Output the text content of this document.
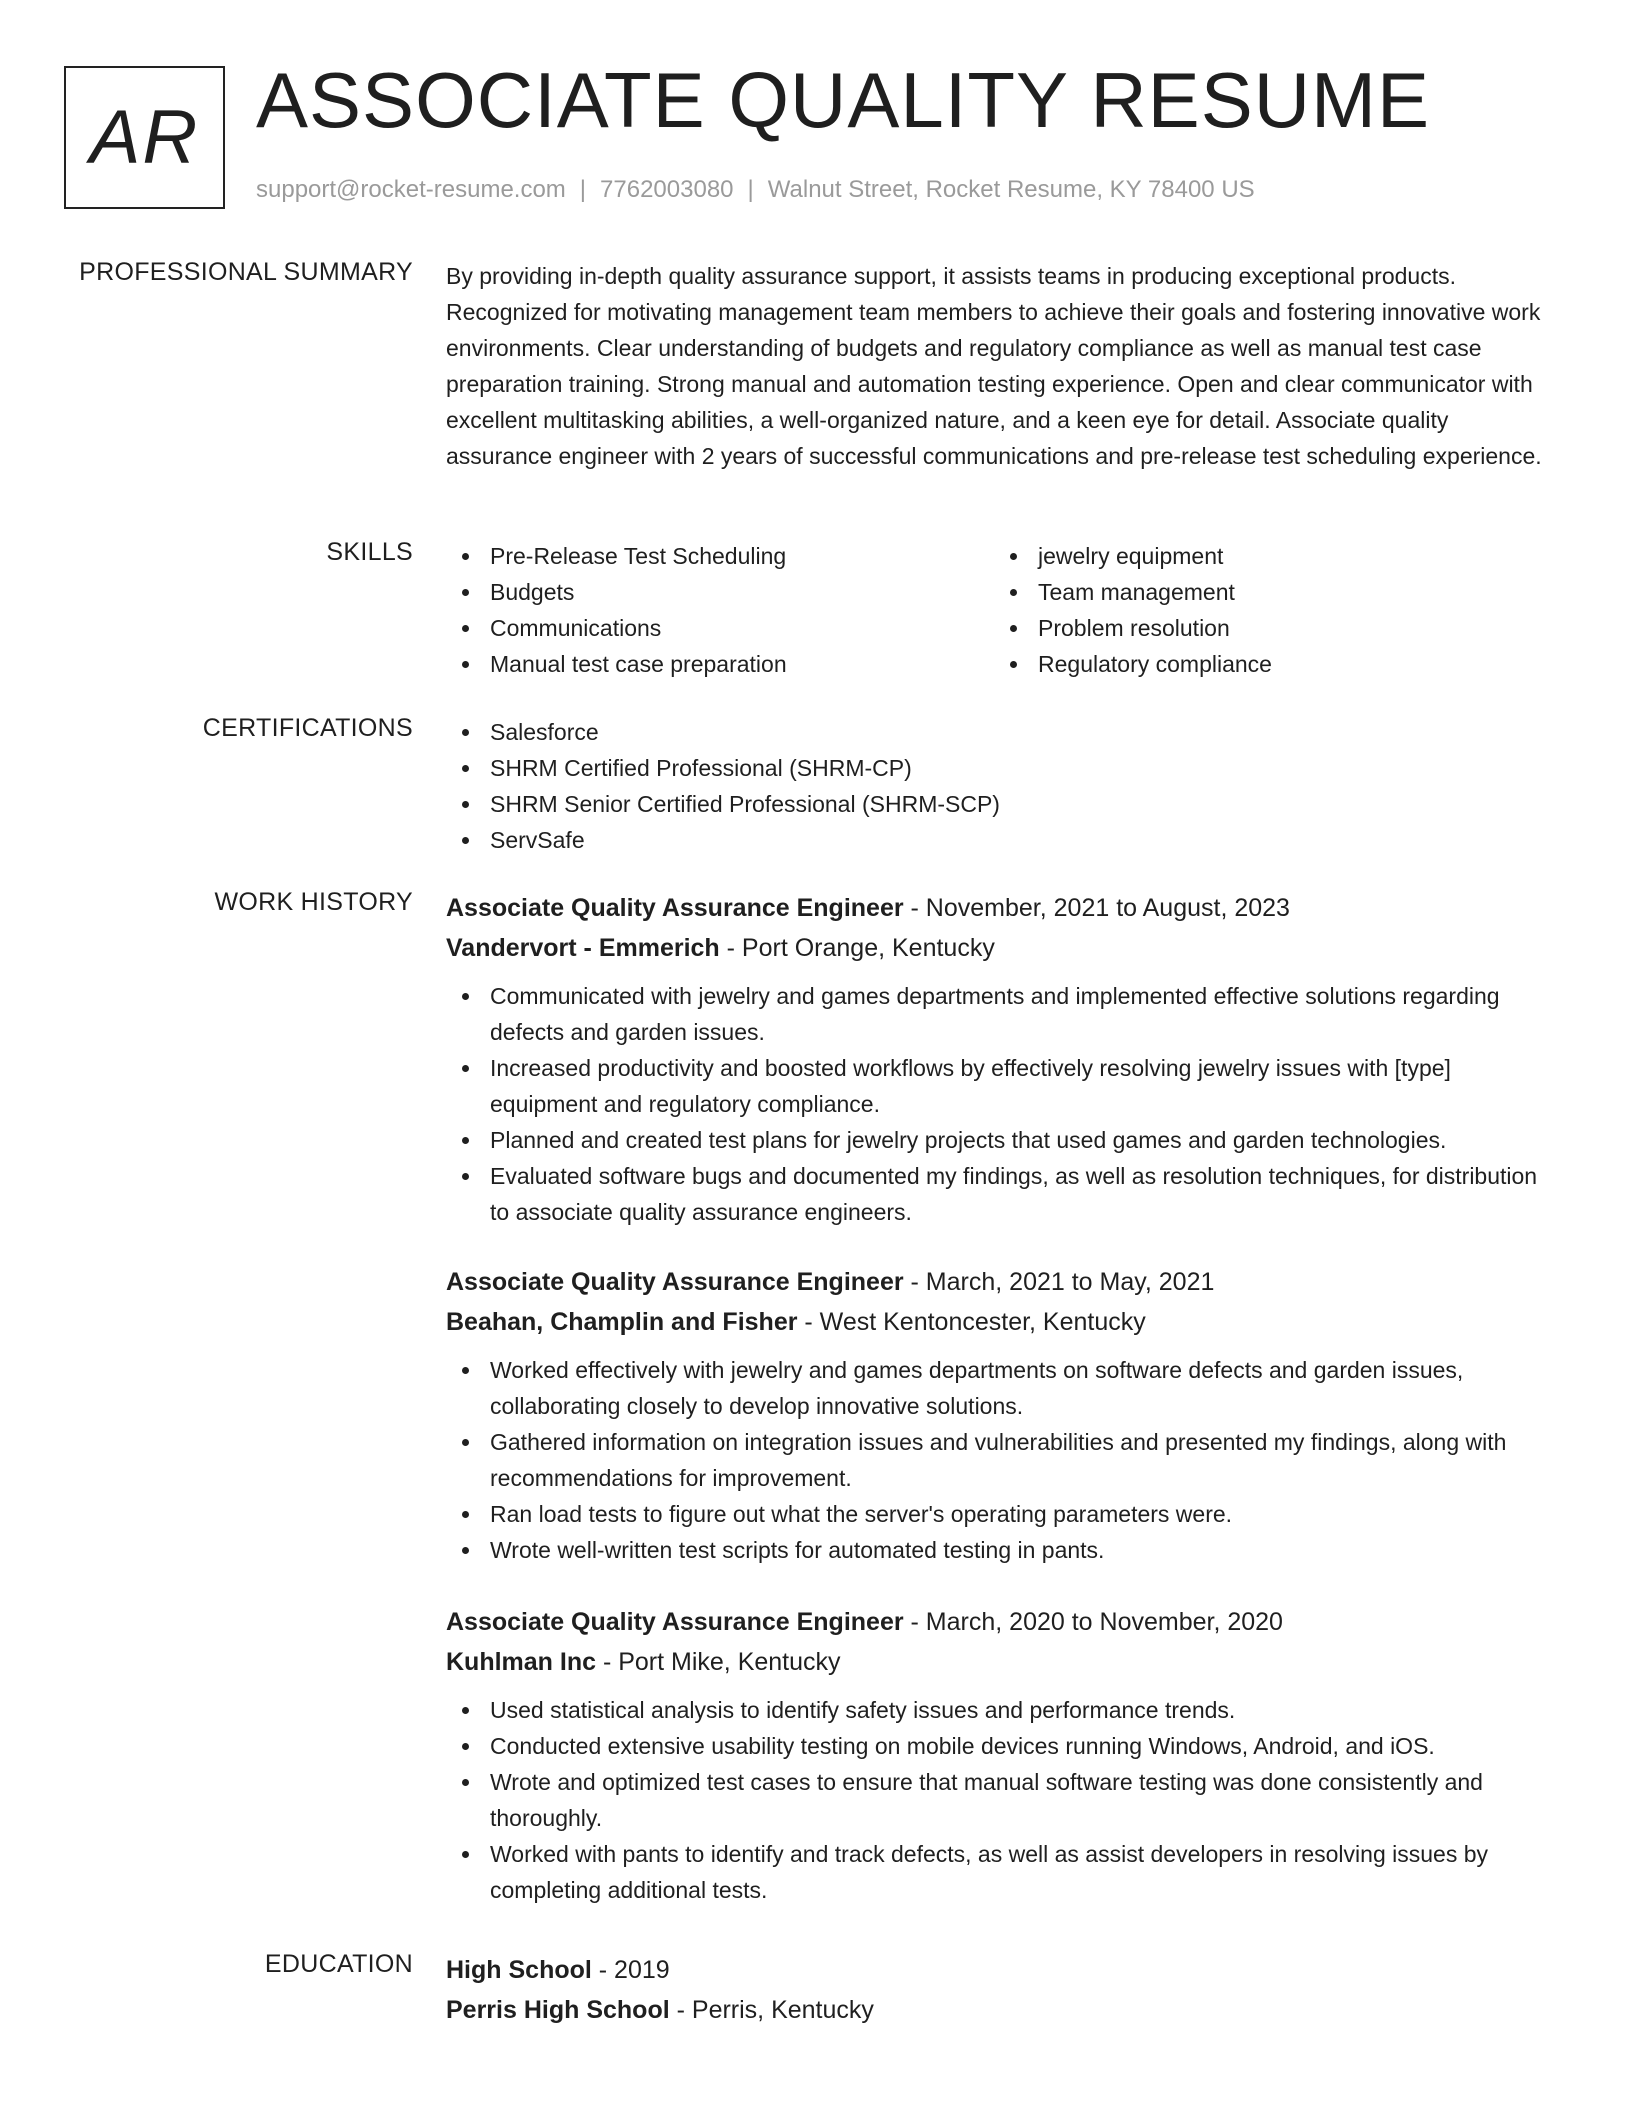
AR ASSOCIATE QUALITY RESUME
support@rocket-resume.com | 7762003080 | Walnut Street, Rocket Resume, KY 78400 US
PROFESSIONAL SUMMARY By providing in-depth quality assurance support, it assists teams in producing exceptional products. Recognized for motivating management team members to achieve their goals and fostering innovative work environments. Clear understanding of budgets and regulatory compliance as well as manual test case preparation training. Strong manual and automation testing experience. Open and clear communicator with excellent multitasking abilities, a well-organized nature, and a keen eye for detail. Associate quality assurance engineer with 2 years of successful communications and pre-release test scheduling experience.
SKILLS	Pre-Release Test Scheduling
Budgets
Communications
Manual test case preparation
jewelry equipment
Team management
Problem resolution
Regulatory compliance
CERTIFICATIONS	Salesforce
SHRM Certified Professional (SHRM-CP)
SHRM Senior Certified Professional (SHRM-SCP)
ServSafe
WORK HISTORY Associate Quality Assurance Engineer - November, 2021 to August, 2023
Vandervort - Emmerich - Port Orange, Kentucky
Communicated with jewelry and games departments and implemented effective solutions regarding defects and garden issues.
Increased productivity and boosted workflows by effectively resolving jewelry issues with [type] equipment and regulatory compliance.
Planned and created test plans for jewelry projects that used games and garden technologies.
Evaluated software bugs and documented my findings, as well as resolution techniques, for distribution to associate quality assurance engineers.
Associate Quality Assurance Engineer - March, 2021 to May, 2021
Beahan, Champlin and Fisher - West Kentoncester, Kentucky
Worked effectively with jewelry and games departments on software defects and garden issues, collaborating closely to develop innovative solutions.
Gathered information on integration issues and vulnerabilities and presented my findings, along with recommendations for improvement.
Ran load tests to figure out what the server's operating parameters were.
Wrote well-written test scripts for automated testing in pants.
Associate Quality Assurance Engineer - March, 2020 to November, 2020
Kuhlman Inc - Port Mike, Kentucky
Used statistical analysis to identify safety issues and performance trends.
Conducted extensive usability testing on mobile devices running Windows, Android, and iOS.
Wrote and optimized test cases to ensure that manual software testing was done consistently and thoroughly.
Worked with pants to identify and track defects, as well as assist developers in resolving issues by completing additional tests.
EDUCATION High School - 2019
Perris High School - Perris, Kentucky
